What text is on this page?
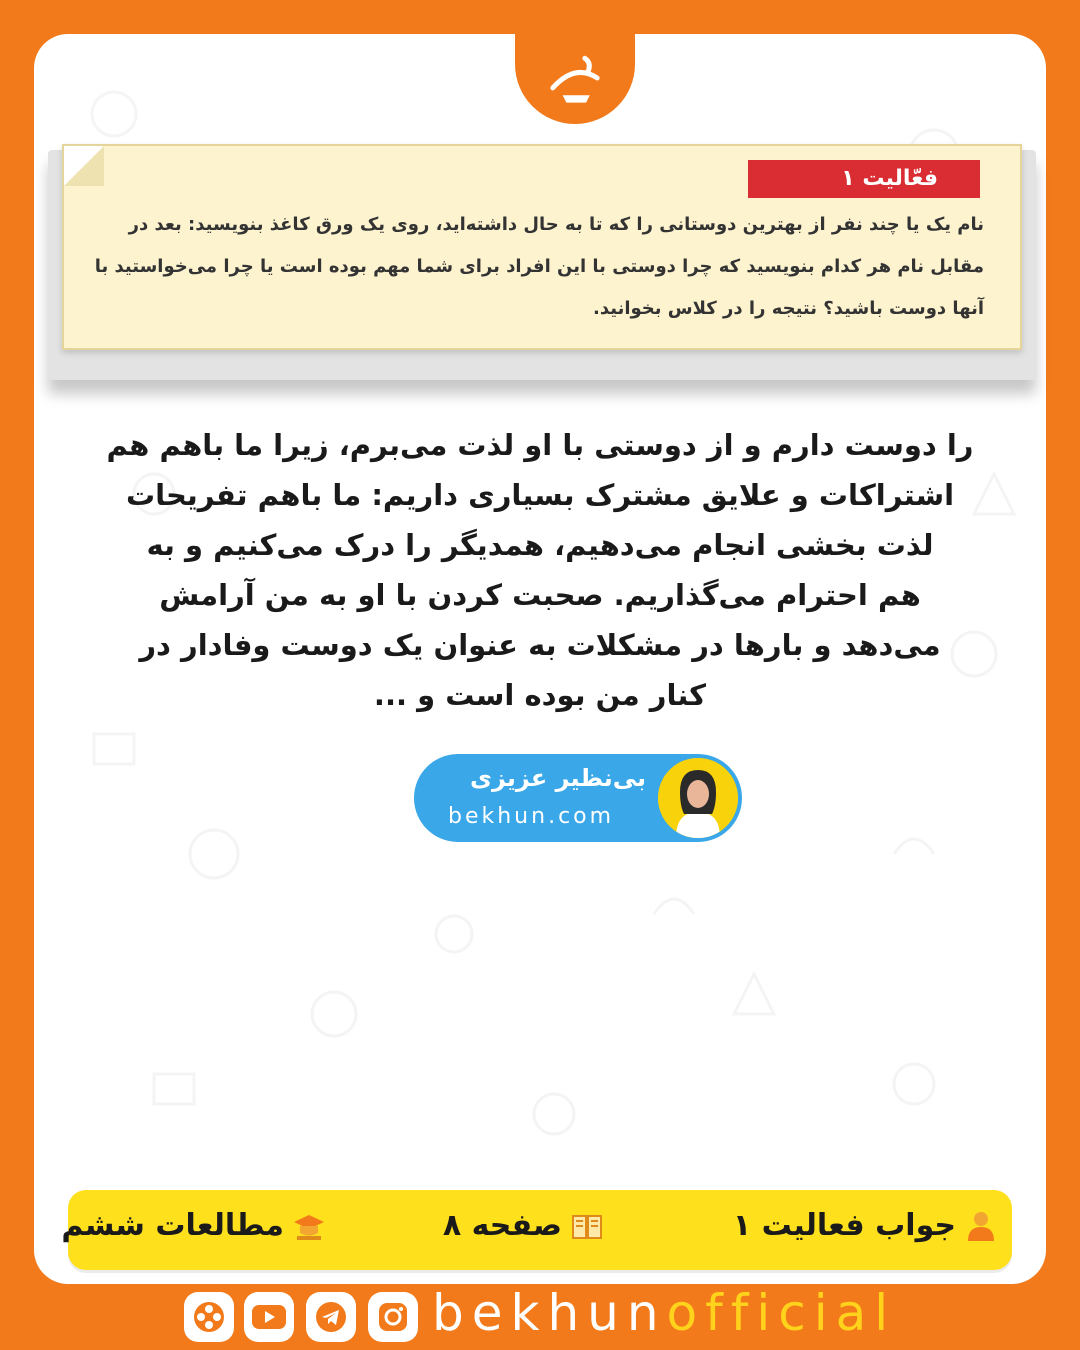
فعّالیت ۱
نام یک یا چند نفر از بهترین دوستانی را که تا به حال داشته‌اید، روی یک ورق کاغذ بنویسید: بعد در مقابل نام هر کدام بنویسید که چرا دوستی با این افراد برای شما مهم بوده است یا چرا می‌خواستید با آنها دوست باشید؟ نتیجه را در کلاس بخوانید.
را دوست دارم و از دوستی با او لذت می‌برم، زیرا ما باهم هم
اشتراکات و علایق مشترک بسیاری داریم: ما باهم تفریحات
لذت بخشی انجام می‌دهیم، همدیگر را درک می‌کنیم و به
هم احترام می‌گذاریم. صحبت کردن با او به من آرامش
می‌دهد و بارها در مشکلات به عنوان یک دوست وفادار در
کنار من بوده است و ...
بی‌نظیر عزیزی
bekhun.com
جواب فعالیت ۱
صفحه ۸
مطالعات ششم
bekhunofficial
